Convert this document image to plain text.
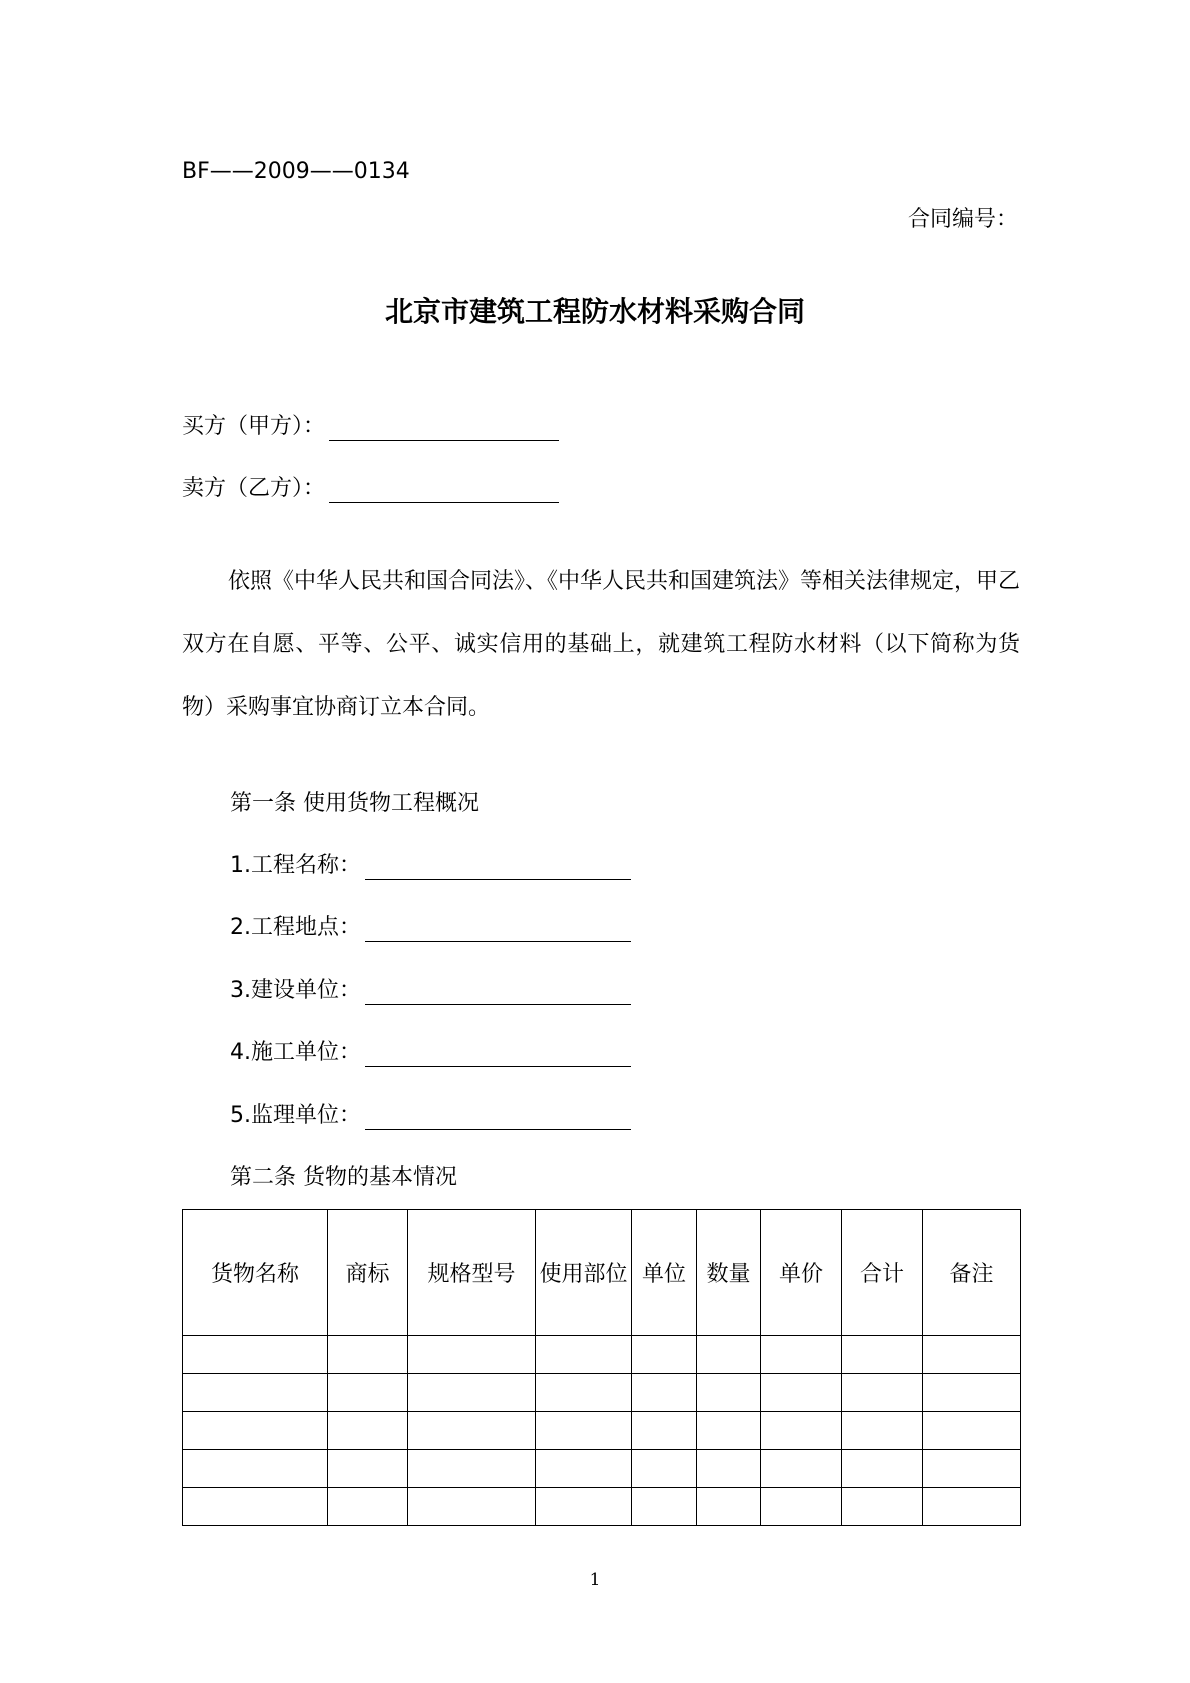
BF——2009——0134
合同编号：
北京市建筑工程防水材料采购合同
买方（甲方）：
卖方（乙方）：
依照《中华人民共和国合同法》、《中华人民共和国建筑法》等相关法律规定，甲乙双方在自愿、平等、公平、诚实信用的基础上，就建筑工程防水材料（以下简称为货物）采购事宜协商订立本合同。
第一条 使用货物工程概况
1.工程名称：
2.工程地点：
3.建设单位：
4.施工单位：
5.监理单位：
第二条 货物的基本情况
货物名称	商标	规格型号	使用部位	单位	数量	单价	合计	备注

1
